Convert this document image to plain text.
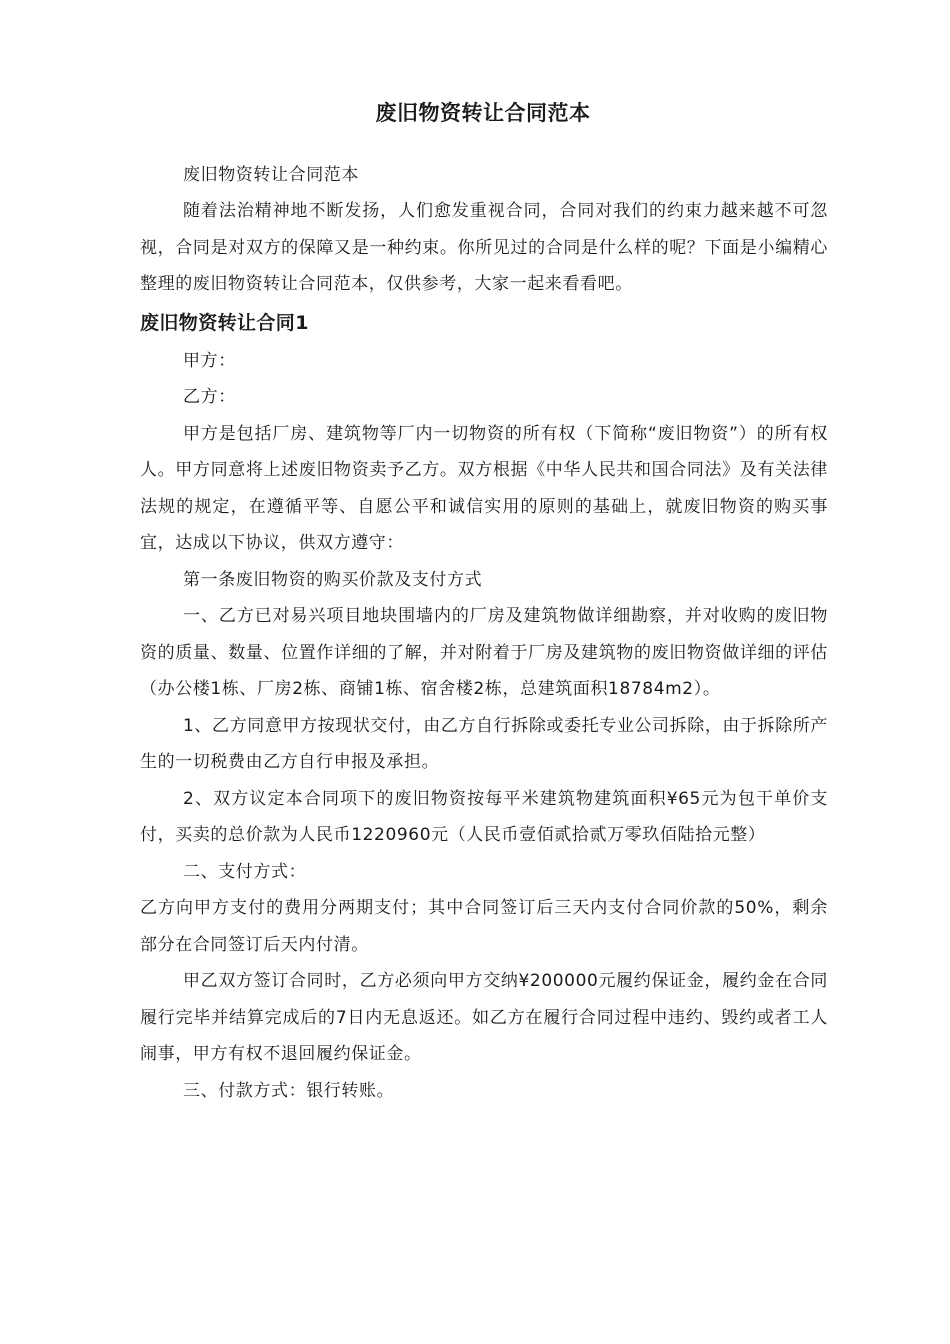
废旧物资转让合同范本

废旧物资转让合同范本

随着法治精神地不断发扬，人们愈发重视合同，合同对我们的约束力越来越不可忽视，合同是对双方的保障又是一种约束。你所见过的合同是什么样的呢？下面是小编精心整理的废旧物资转让合同范本，仅供参考，大家一起来看看吧。

废旧物资转让合同1

甲方：

乙方：

甲方是包括厂房、建筑物等厂内一切物资的所有权（下简称“废旧物资”）的所有权人。甲方同意将上述废旧物资卖予乙方。双方根据《中华人民共和国合同法》及有关法律法规的规定，在遵循平等、自愿公平和诚信实用的原则的基础上，就废旧物资的购买事宜，达成以下协议，供双方遵守：

第一条废旧物资的购买价款及支付方式

一、乙方已对易兴项目地块围墙内的厂房及建筑物做详细勘察，并对收购的废旧物资的质量、数量、位置作详细的了解，并对附着于厂房及建筑物的废旧物资做详细的评估（办公楼1栋、厂房2栋、商铺1栋、宿舍楼2栋，总建筑面积18784m2）。

1、乙方同意甲方按现状交付，由乙方自行拆除或委托专业公司拆除，由于拆除所产生的一切税费由乙方自行申报及承担。

2、双方议定本合同项下的废旧物资按每平米建筑物建筑面积¥65元为包干单价支付，买卖的总价款为人民币1220960元（人民币壹佰贰拾贰万零玖佰陆拾元整）

二、支付方式：

乙方向甲方支付的费用分两期支付；其中合同签订后三天内支付合同价款的50%，剩余部分在合同签订后天内付清。

甲乙双方签订合同时，乙方必须向甲方交纳¥200000元履约保证金，履约金在合同履行完毕并结算完成后的7日内无息返还。如乙方在履行合同过程中违约、毁约或者工人闹事，甲方有权不退回履约保证金。

三、付款方式：银行转账。
